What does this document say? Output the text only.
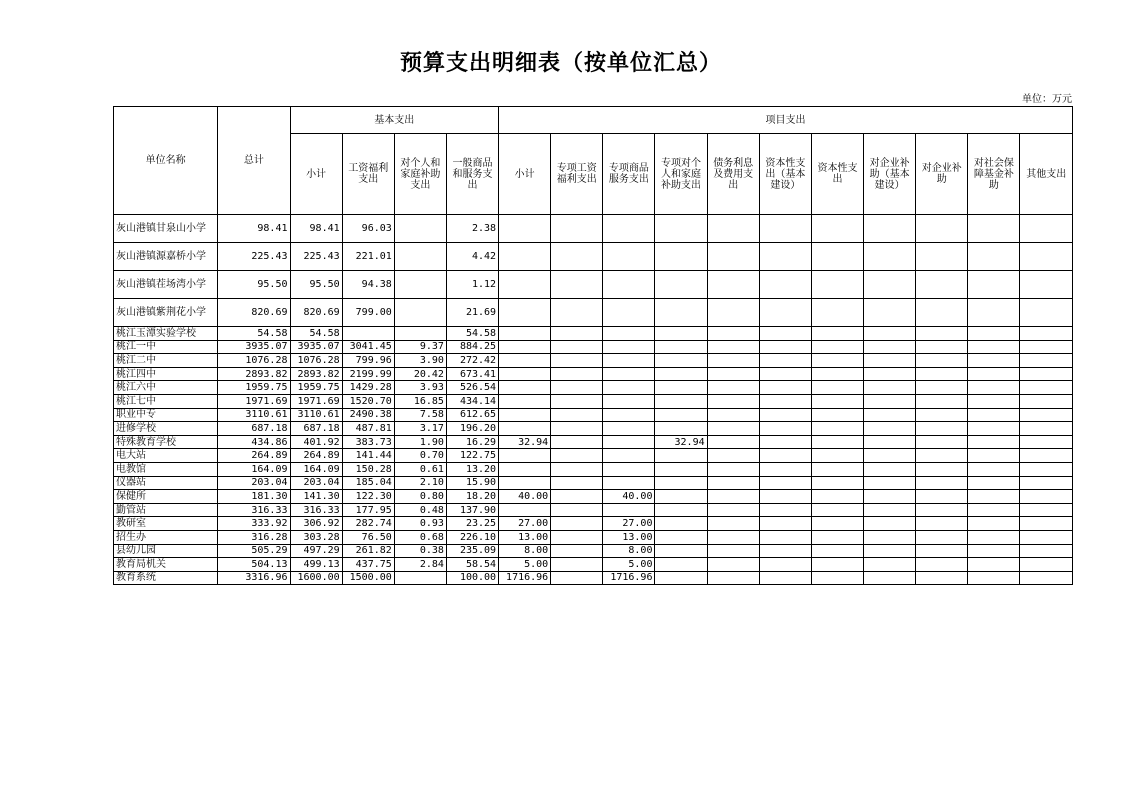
预算支出明细表（按单位汇总）
单位：万元
单位名称	总计	基本支出				项目支出										
		小计	工资福利支出	对个人和家庭补助支出	一般商品和服务支出	小计	专项工资福利支出	专项商品服务支出	专项对个人和家庭补助支出	债务利息及费用支出	资本性支出（基本建设）	资本性支出	对企业补助（基本建设）	对企业补助	对社会保障基金补助	其他支出
灰山港镇甘泉山小学	98.41	98.41	96.03		2.38											
灰山港镇源嘉桥小学	225.43	225.43	221.01		4.42											
灰山港镇茬场湾小学	95.50	95.50	94.38		1.12											
灰山港镇紫荆花小学	820.69	820.69	799.00		21.69											
桃江玉潭实验学校	54.58	54.58			54.58											
桃江一中	3935.07	3935.07	3041.45	9.37	884.25											
桃江二中	1076.28	1076.28	799.96	3.90	272.42											
桃江四中	2893.82	2893.82	2199.99	20.42	673.41											
桃江六中	1959.75	1959.75	1429.28	3.93	526.54											
桃江七中	1971.69	1971.69	1520.70	16.85	434.14											
职业中专	3110.61	3110.61	2490.38	7.58	612.65											
进修学校	687.18	687.18	487.81	3.17	196.20											
特殊教育学校	434.86	401.92	383.73	1.90	16.29	32.94			32.94							
电大站	264.89	264.89	141.44	0.70	122.75											
电教馆	164.09	164.09	150.28	0.61	13.20											
仪器站	203.04	203.04	185.04	2.10	15.90											
保健所	181.30	141.30	122.30	0.80	18.20	40.00		40.00								
勤管站	316.33	316.33	177.95	0.48	137.90											
教研室	333.92	306.92	282.74	0.93	23.25	27.00		27.00								
招生办	316.28	303.28	76.50	0.68	226.10	13.00		13.00								
县幼儿园	505.29	497.29	261.82	0.38	235.09	8.00		8.00								
教育局机关	504.13	499.13	437.75	2.84	58.54	5.00		5.00								
教育系统	3316.96	1600.00	1500.00		100.00	1716.96		1716.96								
